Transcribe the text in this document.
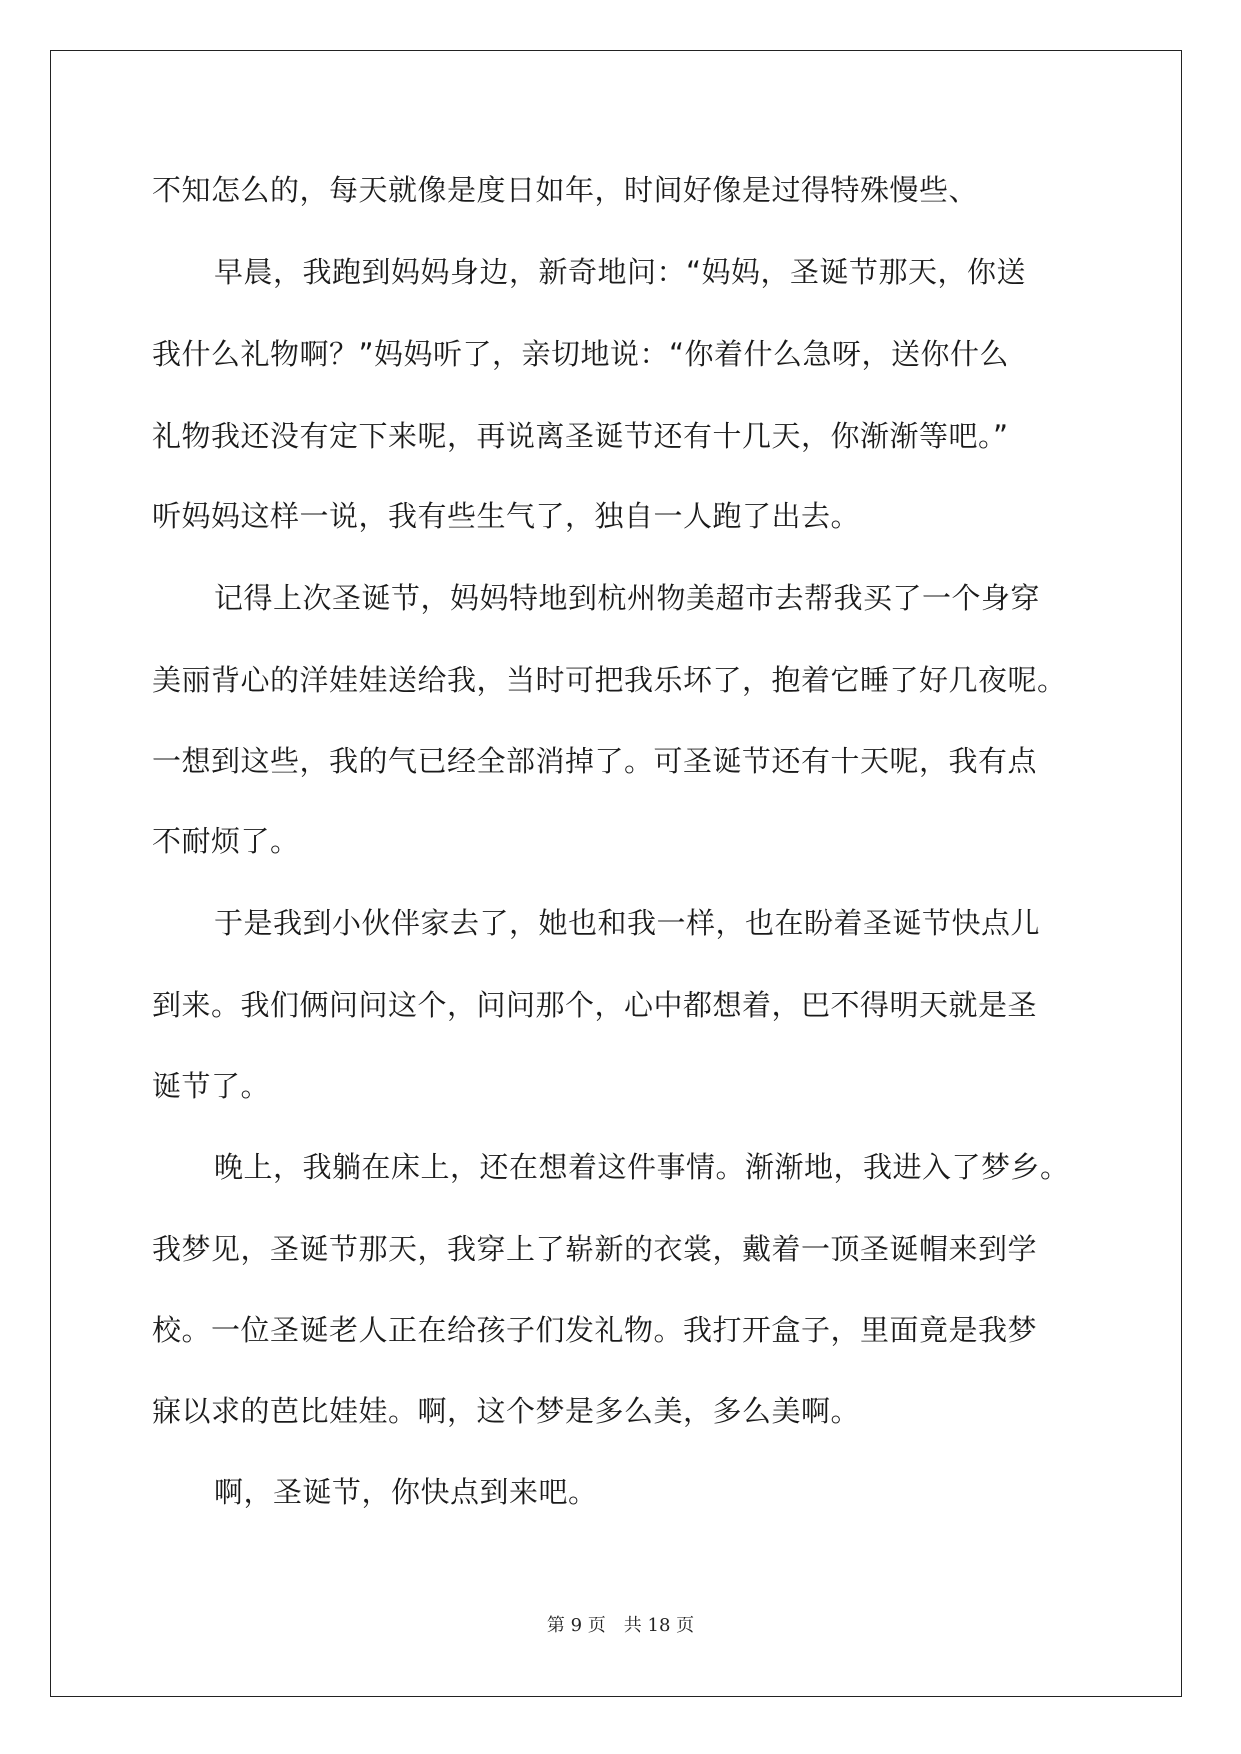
不知怎么的，每天就像是度日如年，时间好像是过得特殊慢些、
早晨，我跑到妈妈身边，新奇地问：“妈妈，圣诞节那天，你送
我什么礼物啊？”妈妈听了，亲切地说：“你着什么急呀，送你什么
礼物我还没有定下来呢，再说离圣诞节还有十几天，你渐渐等吧。”
听妈妈这样一说，我有些生气了，独自一人跑了出去。
记得上次圣诞节，妈妈特地到杭州物美超市去帮我买了一个身穿
美丽背心的洋娃娃送给我，当时可把我乐坏了，抱着它睡了好几夜呢。
一想到这些，我的气已经全部消掉了。可圣诞节还有十天呢，我有点
不耐烦了。
于是我到小伙伴家去了，她也和我一样，也在盼着圣诞节快点儿
到来。我们俩问问这个，问问那个，心中都想着，巴不得明天就是圣
诞节了。
晚上，我躺在床上，还在想着这件事情。渐渐地，我进入了梦乡。
我梦见，圣诞节那天，我穿上了崭新的衣裳，戴着一顶圣诞帽来到学
校。一位圣诞老人正在给孩子们发礼物。我打开盒子，里面竟是我梦
寐以求的芭比娃娃。啊，这个梦是多么美，多么美啊。
啊，圣诞节，你快点到来吧。
第 9 页　共 18 页
